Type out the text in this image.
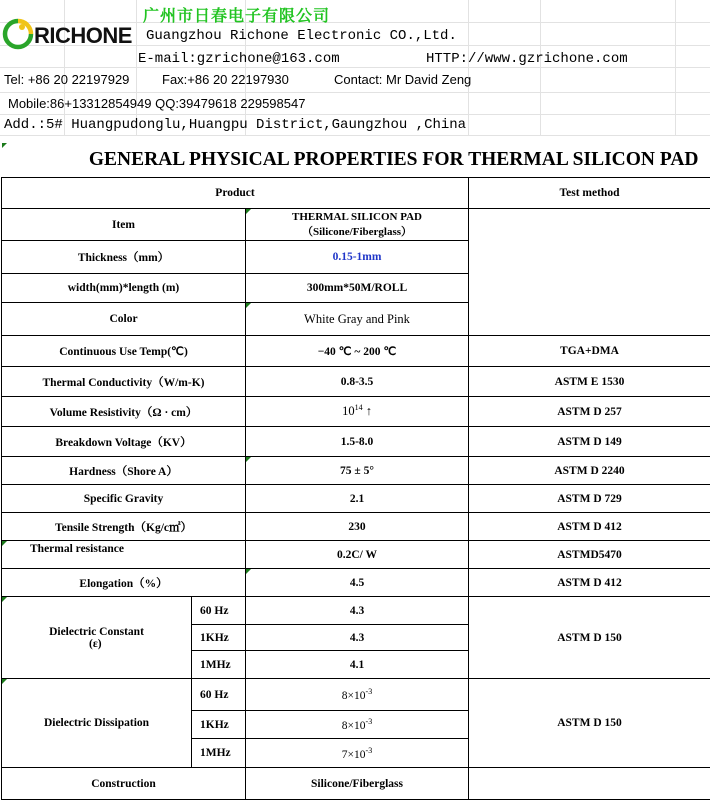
RICHONE
广州市日春电子有限公司
Guangzhou Richone Electronic CO.,Ltd.
E-mail:gzrichone@163.com	HTTP://www.gzrichone.com
Tel: +86 20 22197929	Fax:+86 20 22197930	Contact: Mr David Zeng
Mobile:86+13312854949 QQ:39479618 229598547
Add.:5# Huangpudonglu,Huangpu District,Gaungzhou ,China
GENERAL PHYSICAL PROPERTIES FOR THERMAL SILICON PAD			

Product			Test method
Item		THERMAL SILICON PAD（Silicone/Fiberglass）	
Thickness（mm）		0.15-1mm	
width(mm)*length (m)		300mm*50M/ROLL	
Color		White Gray and Pink	
Continuous Use Temp(℃)		−40 ℃ ~ 200 ℃	TGA+DMA
Thermal Conductivity（W/m-K)		0.8-3.5	ASTM E 1530
Volume Resistivity（Ω · cm）		$10^{14}$ ↑	ASTM D 257
Breakdown Voltage（KV）		1.5-8.0	ASTM D 149
Hardness（Shore A）		75 ± 5°	ASTM D 2240
Specific Gravity		2.1	ASTM D 729
Tensile Strength（Kg/c㎡）		230	ASTM D 412

Thermal resistance		0.2C/ W	ASTMD5470
Elongation（%）		4.5	ASTM D 412

Dielectric Constant
(ε)	60 Hz	4.3	ASTM D 150
	1KHz	4.3	
	1MHz	4.1	

Dielectric Dissipation	60 Hz	$8\times 10^{-3}$	ASTM D 150
	1KHz	$8\times 10^{-3}$
	1MHz	$7\times 10^{-3}$
Construction		Silicone/Fiberglass	
